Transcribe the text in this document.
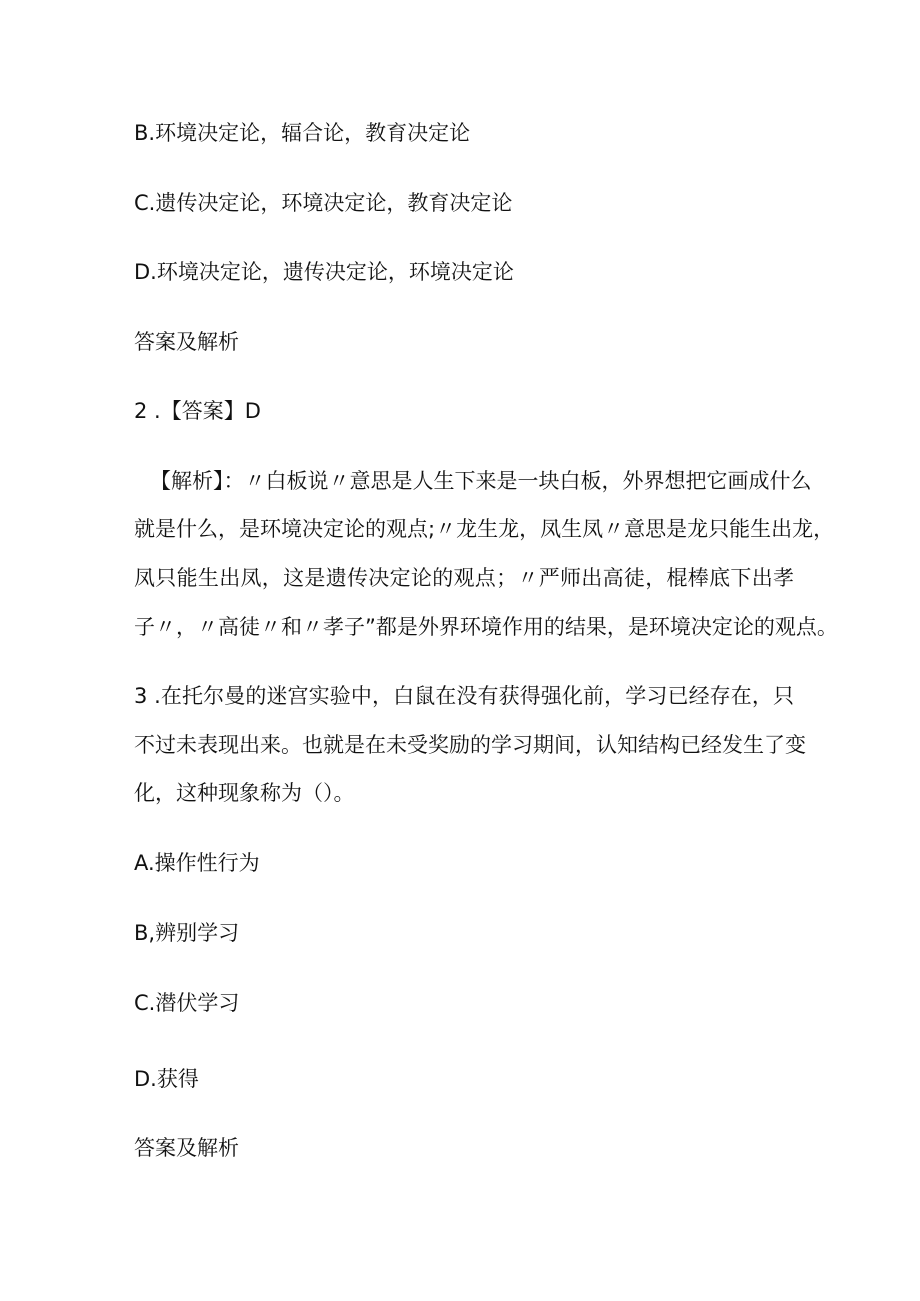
B.环境决定论，辐合论，教育决定论
C.遗传决定论，环境决定论，教育决定论
D.环境决定论，遗传决定论，环境决定论
答案及解析
2 .【答案】D
【解析】：〃白板说〃意思是人生下来是一块白板，外界想把它画成什么
就是什么，是环境决定论的观点;〃龙生龙，凤生凤〃意思是龙只能生出龙，
凤只能生出凤，这是遗传决定论的观点；〃严师出高徒，棍棒底下出孝
子〃，〃高徒〃和〃孝子”都是外界环境作用的结果，是环境决定论的观点。
3 .在托尔曼的迷宫实验中，白鼠在没有获得强化前，学习已经存在，只
不过未表现出来。也就是在未受奖励的学习期间，认知结构已经发生了变
化，这种现象称为（）。
A.操作性行为
B,辨别学习
C.潜伏学习
D.获得
答案及解析
